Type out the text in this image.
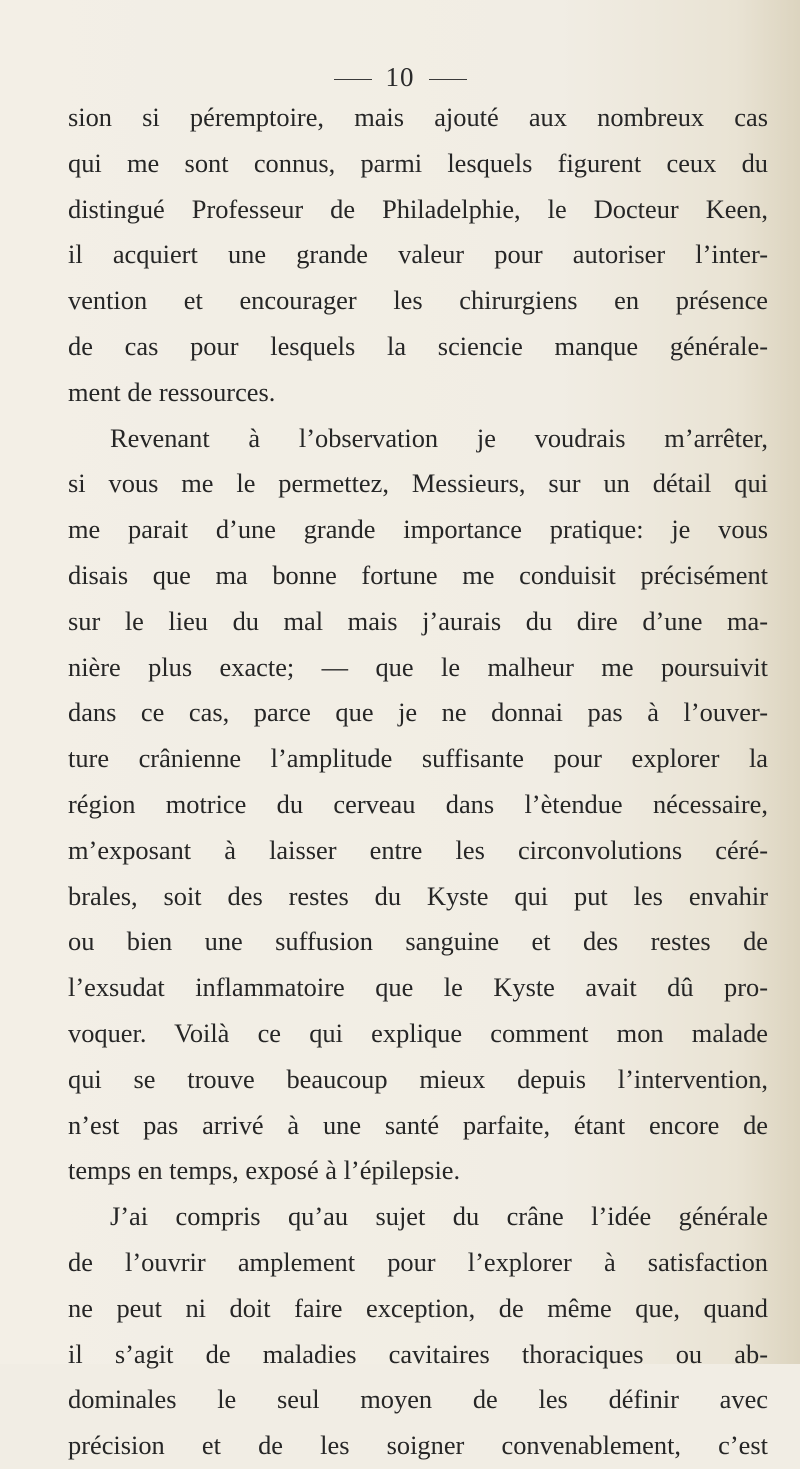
10
sion si péremptoire, mais ajouté aux nombreux cas
qui me sont connus, parmi lesquels figurent ceux du
distingué Professeur de Philadelphie, le Docteur Keen,
il acquiert une grande valeur pour autoriser l’inter-
vention et encourager les chirurgiens en présence
de cas pour lesquels la sciencie manque générale-
ment de ressources.
Revenant à l’observation je voudrais m’arrêter,
si vous me le permettez, Messieurs, sur un détail qui
me parait d’une grande importance pratique: je vous
disais que ma bonne fortune me conduisit précisément
sur le lieu du mal mais j’aurais du dire d’une ma-
nière plus exacte; — que le malheur me poursuivit
dans ce cas, parce que je ne donnai pas à l’ouver-
ture crânienne l’amplitude suffisante pour explorer la
région motrice du cerveau dans l’ètendue nécessaire,
m’exposant à laisser entre les circonvolutions céré-
brales, soit des restes du Kyste qui put les envahir
ou bien une suffusion sanguine et des restes de
l’exsudat inflammatoire que le Kyste avait dû pro-
voquer. Voilà ce qui explique comment mon malade
qui se trouve beaucoup mieux depuis l’intervention,
n’est pas arrivé à une santé parfaite, étant encore de
temps en temps, exposé à l’épilepsie.
J’ai compris qu’au sujet du crâne l’idée générale
de l’ouvrir amplement pour l’explorer à satisfaction
ne peut ni doit faire exception, de même que, quand
il s’agit de maladies cavitaires thoraciques ou ab-
dominales le seul moyen de les définir avec
précision et de les soigner convenablement, c’est
